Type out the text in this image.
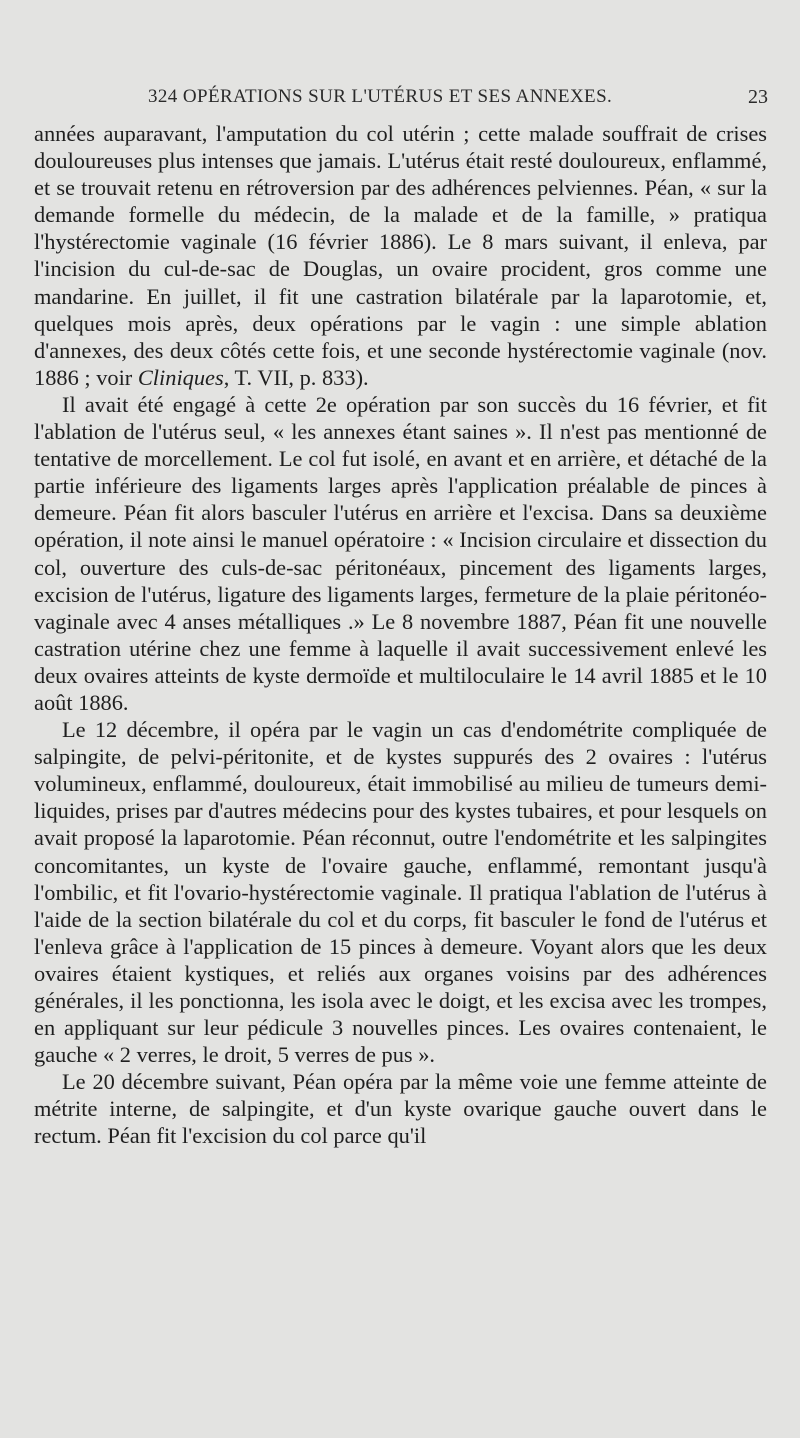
324 OPÉRATIONS SUR L'UTÉRUS ET SES ANNEXES.	23

années auparavant, l'amputation du col utérin ; cette malade souffrait de crises douloureuses plus intenses que jamais. L'utérus était resté douloureux, enflammé, et se trouvait retenu en rétroversion par des adhérences pelviennes. Péan, « sur la demande formelle du médecin, de la malade et de la famille, » pratiqua l'hystérectomie vaginale (16 février 1886). Le 8 mars suivant, il enleva, par l'incision du cul-de-sac de Douglas, un ovaire procident, gros comme une mandarine. En juillet, il fit une castration bilatérale par la laparotomie, et, quelques mois après, deux opérations par le vagin : une simple ablation d'annexes, des deux côtés cette fois, et une seconde hystérectomie vaginale (nov. 1886 ; voir Cliniques, T. VII, p. 833).

Il avait été engagé à cette 2e opération par son succès du 16 février, et fit l'ablation de l'utérus seul, « les annexes étant saines ». Il n'est pas mentionné de tentative de morcellement. Le col fut isolé, en avant et en arrière, et détaché de la partie inférieure des ligaments larges après l'application préalable de pinces à demeure. Péan fit alors basculer l'utérus en arrière et l'excisa. Dans sa deuxième opération, il note ainsi le manuel opératoire : « Incision circulaire et dissection du col, ouverture des culs-de-sac péritonéaux, pincement des ligaments larges, excision de l'utérus, ligature des ligaments larges, fermeture de la plaie péritonéo-vaginale avec 4 anses métalliques .» Le 8 novembre 1887, Péan fit une nouvelle castration utérine chez une femme à laquelle il avait successivement enlevé les deux ovaires atteints de kyste dermoïde et multiloculaire le 14 avril 1885 et le 10 août 1886.

Le 12 décembre, il opéra par le vagin un cas d'endométrite compliquée de salpingite, de pelvi-péritonite, et de kystes suppurés des 2 ovaires : l'utérus volumineux, enflammé, douloureux, était immobilisé au milieu de tumeurs demi-liquides, prises par d'autres médecins pour des kystes tubaires, et pour lesquels on avait proposé la laparotomie. Péan réconnut, outre l'endométrite et les salpingites concomitantes, un kyste de l'ovaire gauche, enflammé, remontant jusqu'à l'ombilic, et fit l'ovario-hystérectomie vaginale. Il pratiqua l'ablation de l'utérus à l'aide de la section bilatérale du col et du corps, fit basculer le fond de l'utérus et l'enleva grâce à l'application de 15 pinces à demeure. Voyant alors que les deux ovaires étaient kystiques, et reliés aux organes voisins par des adhérences générales, il les ponctionna, les isola avec le doigt, et les excisa avec les trompes, en appliquant sur leur pédicule 3 nouvelles pinces. Les ovaires contenaient, le gauche « 2 verres, le droit, 5 verres de pus ».

Le 20 décembre suivant, Péan opéra par la même voie une femme atteinte de métrite interne, de salpingite, et d'un kyste ovarique gauche ouvert dans le rectum. Péan fit l'excision du col parce qu'il
